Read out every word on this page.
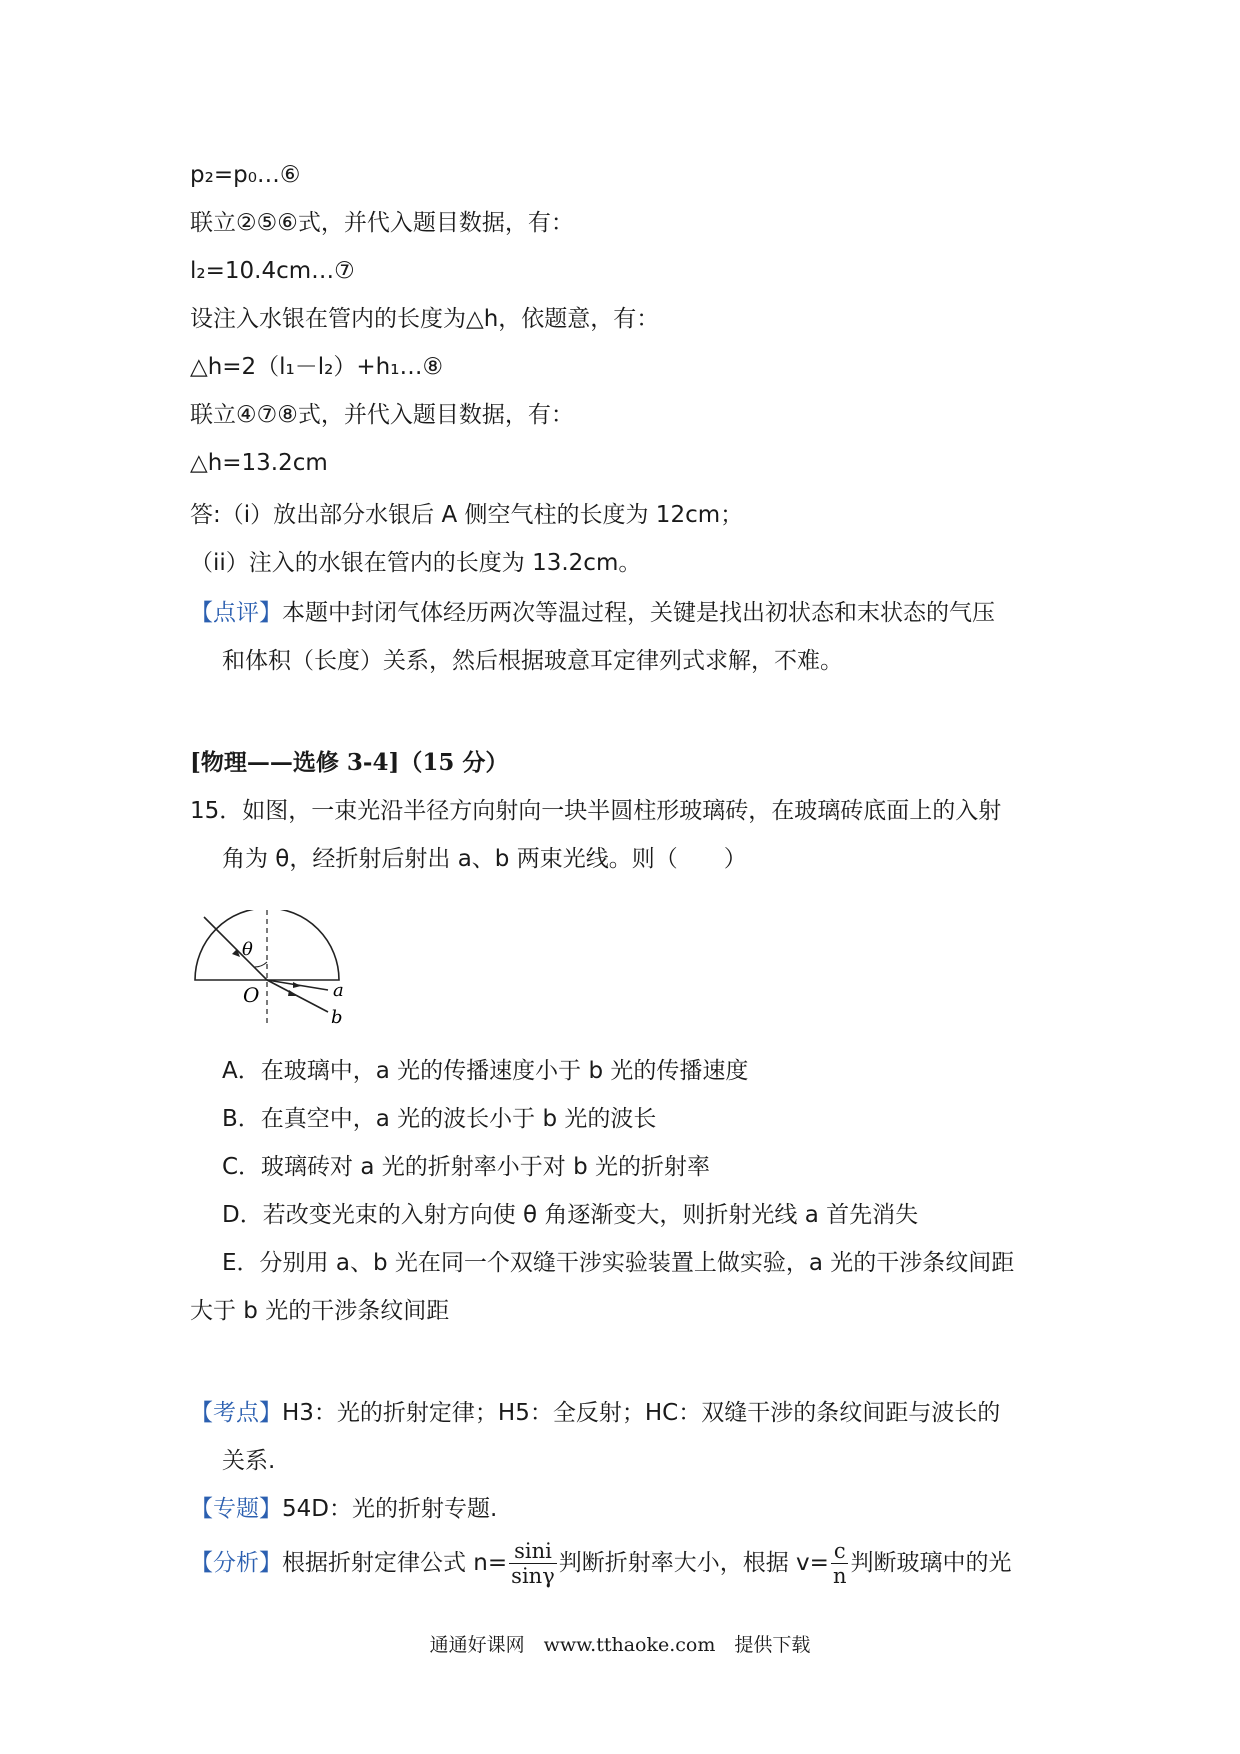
p₂=p₀…⑥
联立②⑤⑥式，并代入题目数据，有：
l₂=10.4cm…⑦
设注入水银在管内的长度为△h，依题意，有：
△h=2（l₁－l₂）+h₁…⑧
联立④⑦⑧式，并代入题目数据，有：
△h=13.2cm
答:（i）放出部分水银后 A 侧空气柱的长度为 12cm；
（ii）注入的水银在管内的长度为 13.2cm。
【点评】本题中封闭气体经历两次等温过程，关键是找出初状态和末状态的气压
和体积（长度）关系，然后根据玻意耳定律列式求解，不难。
[物理——选修 3-4]（15 分）
15．如图，一束光沿半径方向射向一块半圆柱形玻璃砖，在玻璃砖底面上的入射
角为 θ，经折射后射出 a、b 两束光线。则（　　）
θ
O	a
b
A．在玻璃中，a 光的传播速度小于 b 光的传播速度
B．在真空中，a 光的波长小于 b 光的波长
C．玻璃砖对 a 光的折射率小于对 b 光的折射率
D．若改变光束的入射方向使 θ 角逐渐变大，则折射光线 a 首先消失
E．分别用 a、b 光在同一个双缝干涉实验装置上做实验，a 光的干涉条纹间距
大于 b 光的干涉条纹间距
【考点】H3：光的折射定律；H5：全反射；HC：双缝干涉的条纹间距与波长的
关系.
【专题】54D：光的折射专题.
【分析】根据折射定律公式 $n= \frac{\sin i}{\sin\gamma}$ 判断折射率大小，根据 $v= \frac{c}{n}$ 判断玻璃中的光
通通好课网　www.tthaoke.com　提供下载
